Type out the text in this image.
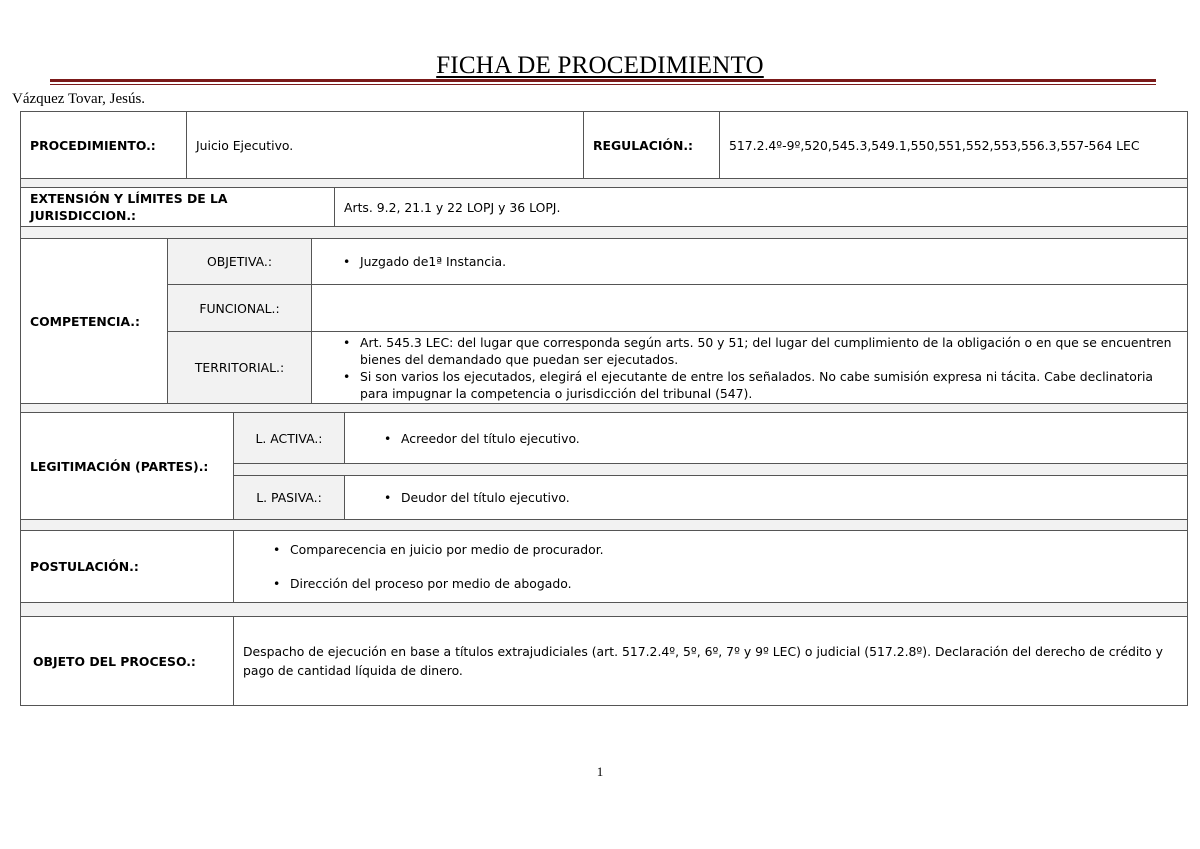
FICHA DE PROCEDIMIENTO
Vázquez Tovar, Jesús.
PROCEDIMIENTO.:	Juicio Ejecutivo.	REGULACIÓN.:	517.2.4º-9º,520,545.3,549.1,550,551,552,553,556.3,557-564 LEC
EXTENSIÓN Y LÍMITES DE LA JURISDICCION.:
Arts. 9.2, 21.1 y 22 LOPJ y 36 LOPJ.
COMPETENCIA.:
OBJETIVA.:	• Juzgado de1ª Instancia.
FUNCIONAL.:
TERRITORIAL.:
• Art. 545.3 LEC: del lugar que corresponda según arts. 50 y 51; del lugar del cumplimiento de la obligación o en que se encuentren bienes del demandado que puedan ser ejecutados.
• Si son varios los ejecutados, elegirá el ejecutante de entre los señalados. No cabe sumisión expresa ni tácita. Cabe declinatoria para impugnar la competencia o jurisdicción del tribunal (547).
LEGITIMACIÓN (PARTES).:
L. ACTIVA.:	• Acreedor del título ejecutivo.
L. PASIVA.:	• Deudor del título ejecutivo.
POSTULACIÓN.:
• Comparecencia en juicio por medio de procurador.
• Dirección del proceso por medio de abogado.
OBJETO DEL PROCESO.:
Despacho de ejecución en base a títulos extrajudiciales (art. 517.2.4º, 5º, 6º, 7º y 9º LEC) o judicial (517.2.8º). Declaración del derecho de crédito y pago de cantidad líquida de dinero.
1
